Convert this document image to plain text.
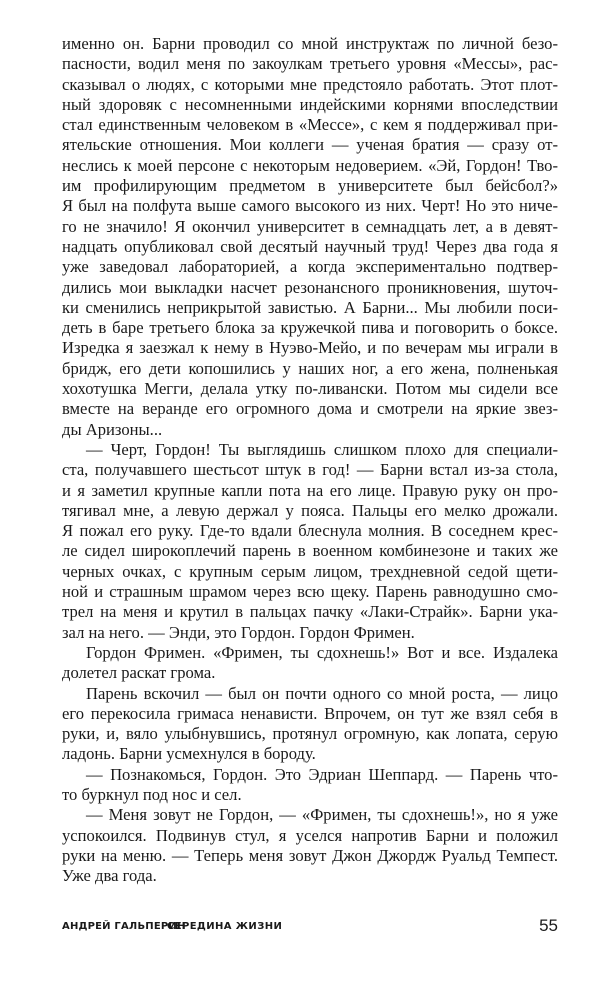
именно он. Барни проводил со мной инструктаж по личной безо-
пасности, водил меня по закоулкам третьего уровня «Мессы», рас-
сказывал о людях, с которыми мне предстояло работать. Этот плот-
ный здоровяк с несомненными индейскими корнями впоследствии
стал единственным человеком в «Мессе», с кем я поддерживал при-
ятельские отношения. Мои коллеги — ученая братия — сразу от-
неслись к моей персоне с некоторым недоверием. «Эй, Гордон! Тво-
им профилирующим предметом в университете был бейсбол?»
Я был на полфута выше самого высокого из них. Черт! Но это ниче-
го не значило! Я окончил университет в семнадцать лет, а в девят-
надцать опубликовал свой десятый научный труд! Через два года я
уже заведовал лабораторией, а когда экспериментально подтвер-
дились мои выкладки насчет резонансного проникновения, шуточ-
ки сменились неприкрытой завистью. А Барни... Мы любили поси-
деть в баре третьего блока за кружечкой пива и поговорить о боксе.
Изредка я заезжал к нему в Нуэво-Мейо, и по вечерам мы играли в
бридж, его дети копошились у наших ног, а его жена, полненькая
хохотушка Мегги, делала утку по-ливански. Потом мы сидели все
вместе на веранде его огромного дома и смотрели на яркие звез-
ды Аризоны...
— Черт, Гордон! Ты выглядишь слишком плохо для специали-
ста, получавшего шестьсот штук в год! — Барни встал из-за стола,
и я заметил крупные капли пота на его лице. Правую руку он про-
тягивал мне, а левую держал у пояса. Пальцы его мелко дрожали.
Я пожал его руку. Где-то вдали блеснула молния. В соседнем крес-
ле сидел широкоплечий парень в военном комбинезоне и таких же
черных очках, с крупным серым лицом, трехдневной седой щети-
ной и страшным шрамом через всю щеку. Парень равнодушно смо-
трел на меня и крутил в пальцах пачку «Лаки-Страйк». Барни ука-
зал на него. — Энди, это Гордон. Гордон Фримен.
Гордон Фримен. «Фримен, ты сдохнешь!» Вот и все. Издалека
долетел раскат грома.
Парень вскочил — был он почти одного со мной роста, — лицо
его перекосила гримаса ненависти. Впрочем, он тут же взял себя в
руки, и, вяло улыбнувшись, протянул огромную, как лопата, серую
ладонь. Барни усмехнулся в бороду.
— Познакомься, Гордон. Это Эдриан Шеппард. — Парень что-
то буркнул под нос и сел.
— Меня зовут не Гордон, — «Фримен, ты сдохнешь!», но я уже
успокоился. Подвинув стул, я уселся напротив Барни и положил
руки на меню. — Теперь меня зовут Джон Джордж Руальд Темпест.
Уже два года.
АНДРЕЙ ГАЛЬПЕРИН
СЕРЕДИНА ЖИЗНИ	55
